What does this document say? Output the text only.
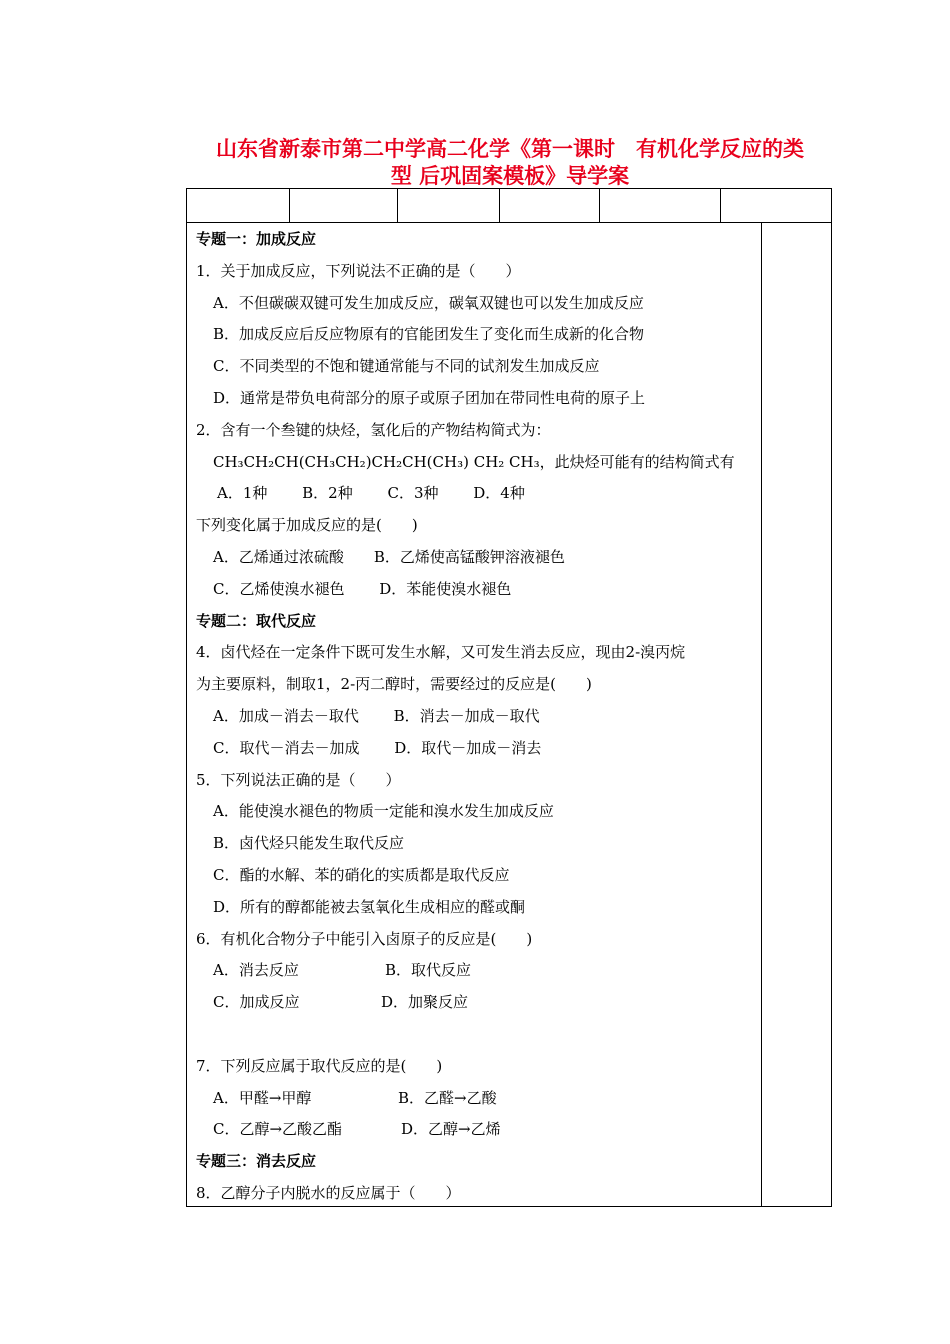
山东省新泰市第二中学高二化学《第一课时　有机化学反应的类
型 后巩固案模板》导学案
专题一：加成反应
1．关于加成反应，下列说法不正确的是（　　）
A．不但碳碳双键可发生加成反应，碳氧双键也可以发生加成反应
B．加成反应后反应物原有的官能团发生了变化而生成新的化合物
C．不同类型的不饱和键通常能与不同的试剂发生加成反应
D．通常是带负电荷部分的原子或原子团加在带同性电荷的原子上
2．含有一个叁键的炔烃，氢化后的产物结构简式为：
CH₃CH₂CH(CH₃CH₂)CH₂CH(CH₃) CH₂ CH₃，此炔烃可能有的结构简式有
A．1种　　 B．2种　　 C．3种　　 D．4种
下列变化属于加成反应的是(　　)
A．乙烯通过浓硫酸　　B．乙烯使高锰酸钾溶液褪色
C．乙烯使溴水褪色　　 D．苯能使溴水褪色
专题二：取代反应
4．卤代烃在一定条件下既可发生水解，又可发生消去反应，现由2-溴丙烷
为主要原料，制取1，2-丙二醇时，需要经过的反应是(　　)
A．加成－消去－取代　　 B．消去－加成－取代
C．取代－消去－加成　　 D．取代－加成－消去
5．下列说法正确的是（　　）
A．能使溴水褪色的物质一定能和溴水发生加成反应
B．卤代烃只能发生取代反应
C．酯的水解、苯的硝化的实质都是取代反应
D．所有的醇都能被去氢氧化生成相应的醛或酮
6．有机化合物分子中能引入卤原子的反应是(　　)
A．消去反应	B．取代反应
C．加成反应	D．加聚反应
7．下列反应属于取代反应的是(　　)
A．甲醛→甲醇	B．乙醛→乙酸
C．乙醇→乙酸乙酯	D．乙醇→乙烯
专题三：消去反应
8．乙醇分子内脱水的反应属于（　　）
